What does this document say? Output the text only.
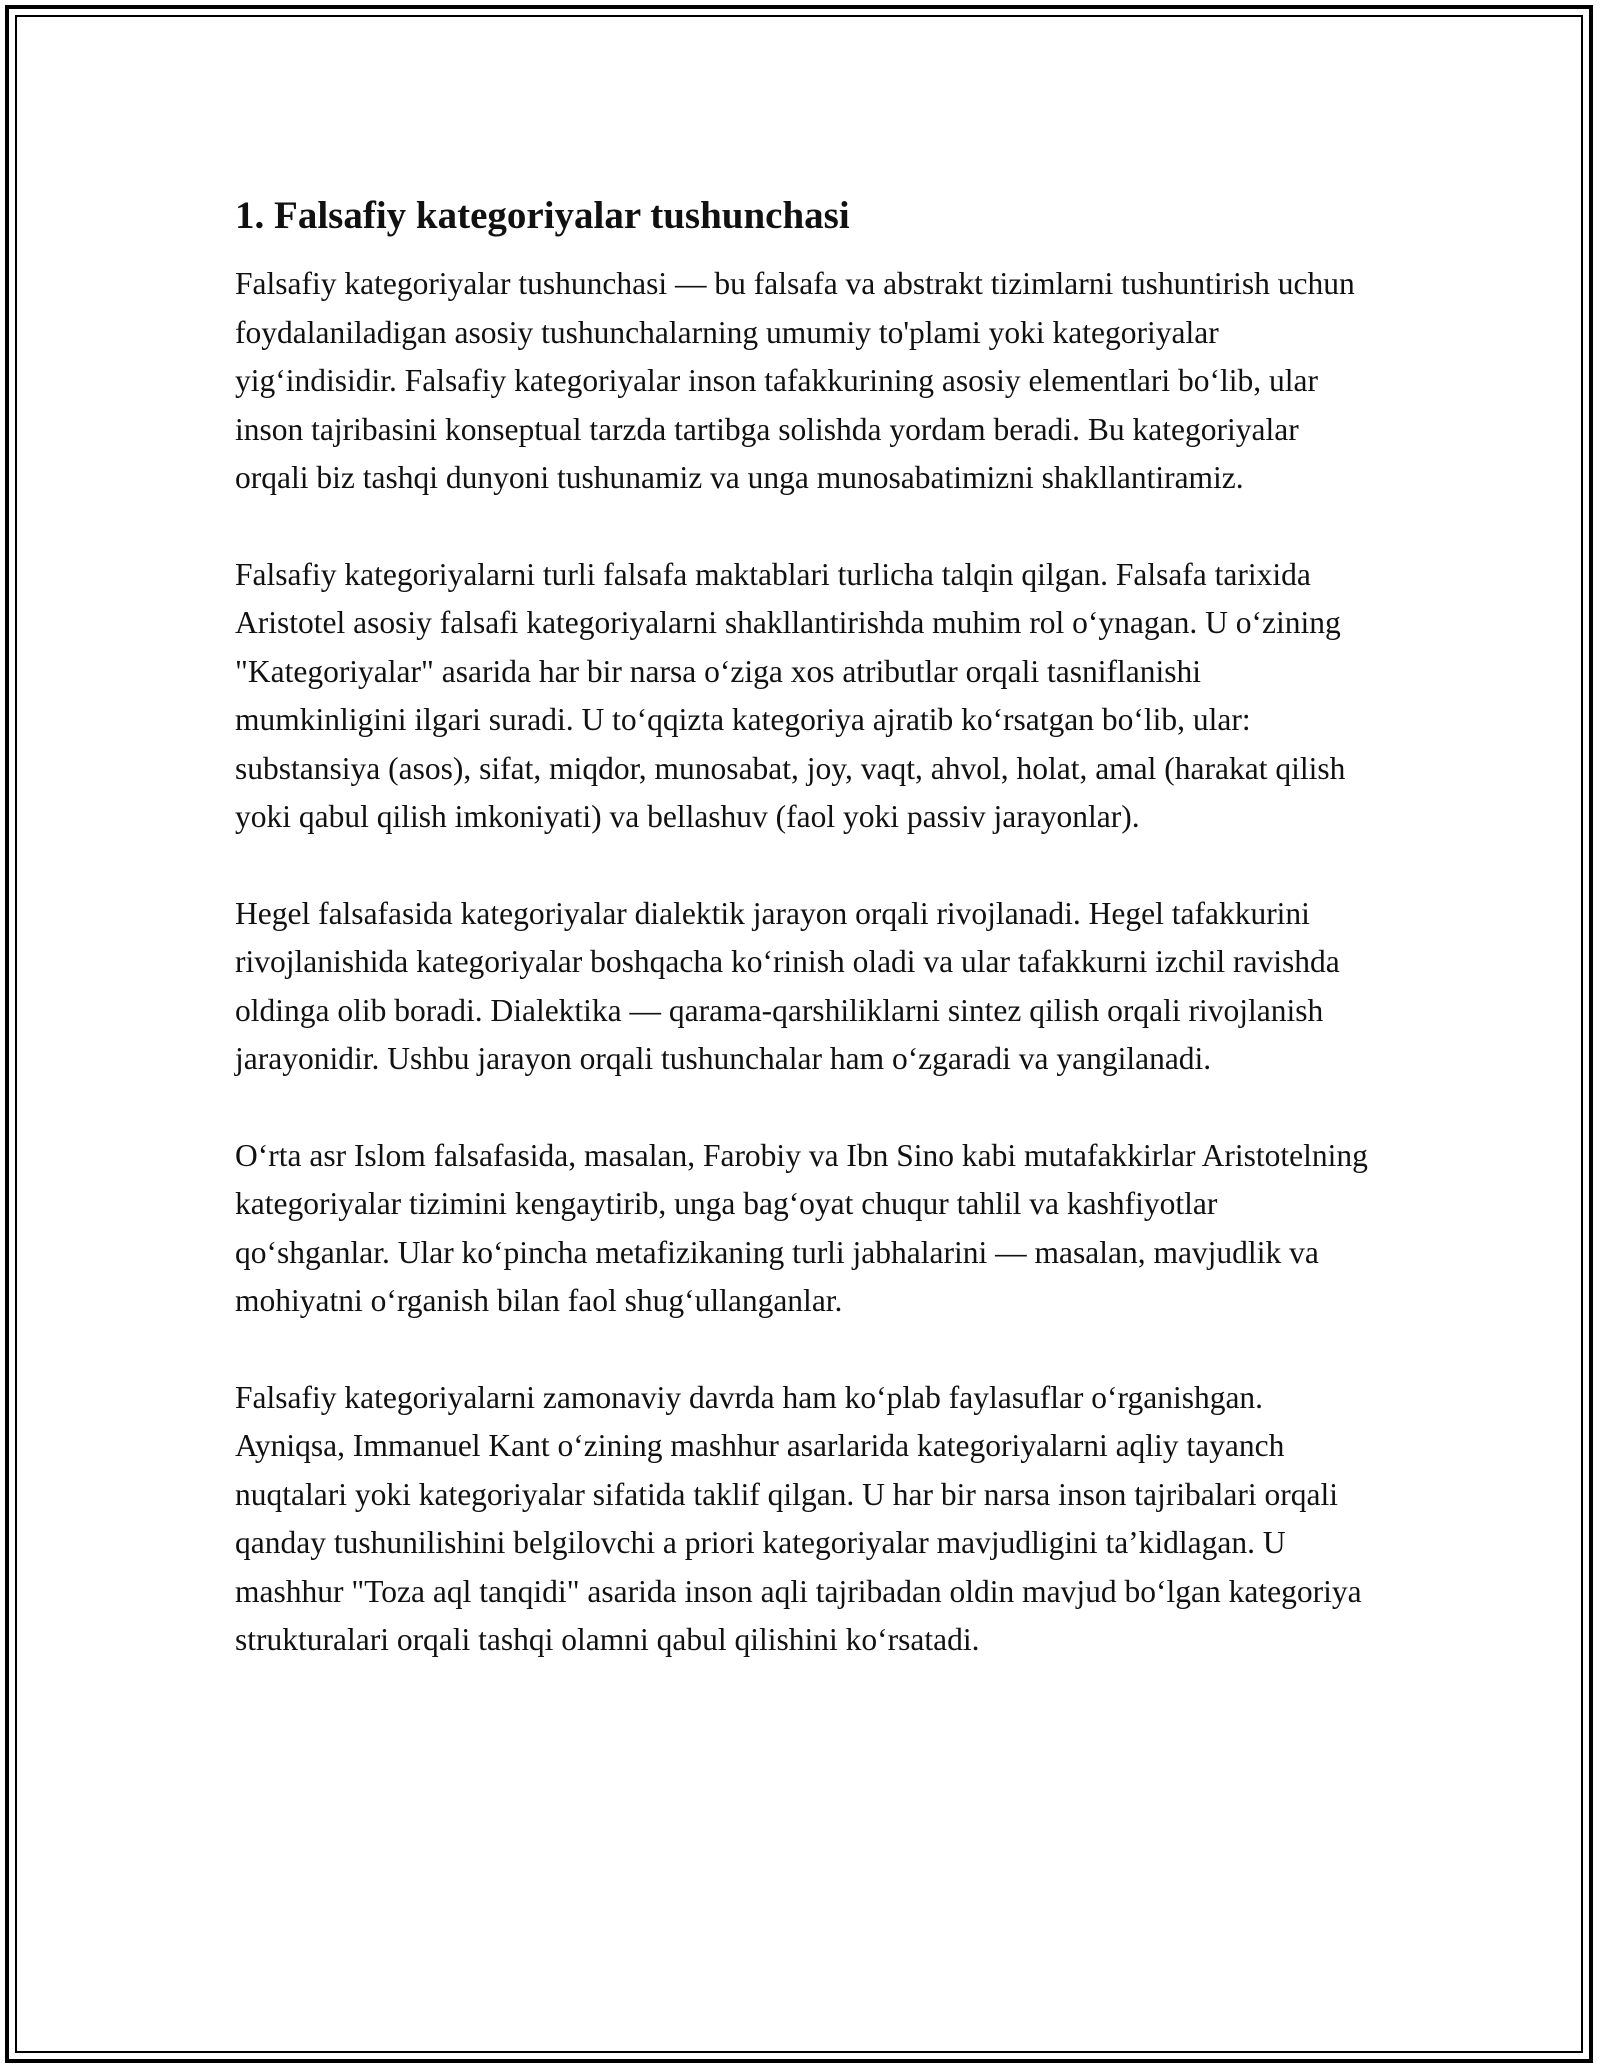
1. Falsafiy kategoriyalar tushunchasi

Falsafiy kategoriyalar tushunchasi — bu falsafa va abstrakt tizimlarni tushuntirish uchun foydalaniladigan asosiy tushunchalarning umumiy to'plami yoki kategoriyalar yig‘indisidir. Falsafiy kategoriyalar inson tafakkurining asosiy elementlari bo‘lib, ular inson tajribasini konseptual tarzda tartibga solishda yordam beradi. Bu kategoriyalar orqali biz tashqi dunyoni tushunamiz va unga munosabatimizni shakllantiramiz.

Falsafiy kategoriyalarni turli falsafa maktablari turlicha talqin qilgan. Falsafa tarixida Aristotel asosiy falsafi kategoriyalarni shakllantirishda muhim rol o‘ynagan. U o‘zining "Kategoriyalar" asarida har bir narsa o‘ziga xos atributlar orqali tasniflanishi mumkinligini ilgari suradi. U to‘qqizta kategoriya ajratib ko‘rsatgan bo‘lib, ular: substansiya (asos), sifat, miqdor, munosabat, joy, vaqt, ahvol, holat, amal (harakat qilish yoki qabul qilish imkoniyati) va bellashuv (faol yoki passiv jarayonlar).

Hegel falsafasida kategoriyalar dialektik jarayon orqali rivojlanadi. Hegel tafakkurini rivojlanishida kategoriyalar boshqacha ko‘rinish oladi va ular tafakkurni izchil ravishda oldinga olib boradi. Dialektika — qarama-qarshiliklarni sintez qilish orqali rivojlanish jarayonidir. Ushbu jarayon orqali tushunchalar ham o‘zgaradi va yangilanadi.

O‘rta asr Islom falsafasida, masalan, Farobiy va Ibn Sino kabi mutafakkirlar Aristotelning kategoriyalar tizimini kengaytirib, unga bag‘oyat chuqur tahlil va kashfiyotlar qo‘shganlar. Ular ko‘pincha metafizikaning turli jabhalarini — masalan, mavjudlik va mohiyatni o‘rganish bilan faol shug‘ullanganlar.

Falsafiy kategoriyalarni zamonaviy davrda ham ko‘plab faylasuflar o‘rganishgan. Ayniqsa, Immanuel Kant o‘zining mashhur asarlarida kategoriyalarni aqliy tayanch nuqtalari yoki kategoriyalar sifatida taklif qilgan. U har bir narsa inson tajribalari orqali qanday tushunilishini belgilovchi a priori kategoriyalar mavjudligini ta’kidlagan. U mashhur "Toza aql tanqidi" asarida inson aqli tajribadan oldin mavjud bo‘lgan kategoriya strukturalari orqali tashqi olamni qabul qilishini ko‘rsatadi.
